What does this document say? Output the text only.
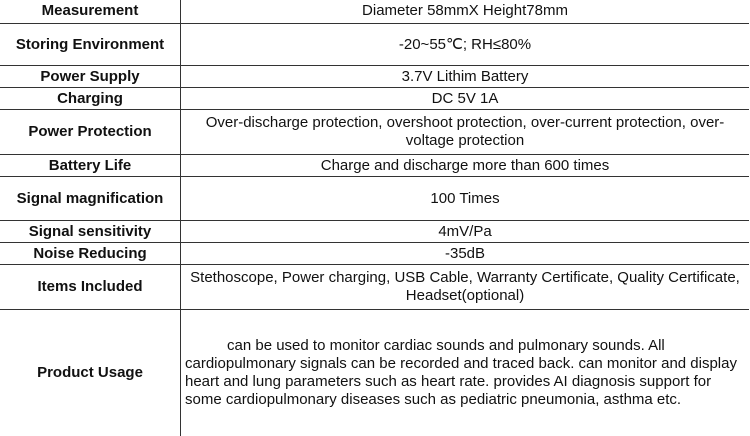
Measurement	Diameter 58mmX Height78mm
Storing Environment	-20~55℃; RH≤80%
Power Supply	3.7V Lithim Battery
Charging	DC 5V 1A
Power Protection	Over-discharge protection, overshoot protection, over-current protection, over-voltage protection
Battery Life	Charge and discharge more than 600 times
Signal magnification	100 Times
Signal sensitivity	4mV/Pa
Noise Reducing	-35dB
Items Included	Stethoscope, Power charging, USB Cable, Warranty Certificate, Quality Certificate, Headset(optional)
Product Usage	can be used to monitor cardiac sounds and pulmonary sounds. All cardiopulmonary signals can be recorded and traced back. can monitor and display heart and lung parameters such as heart rate. provides AI diagnosis support for some cardiopulmonary diseases such as pediatric pneumonia, asthma etc.
